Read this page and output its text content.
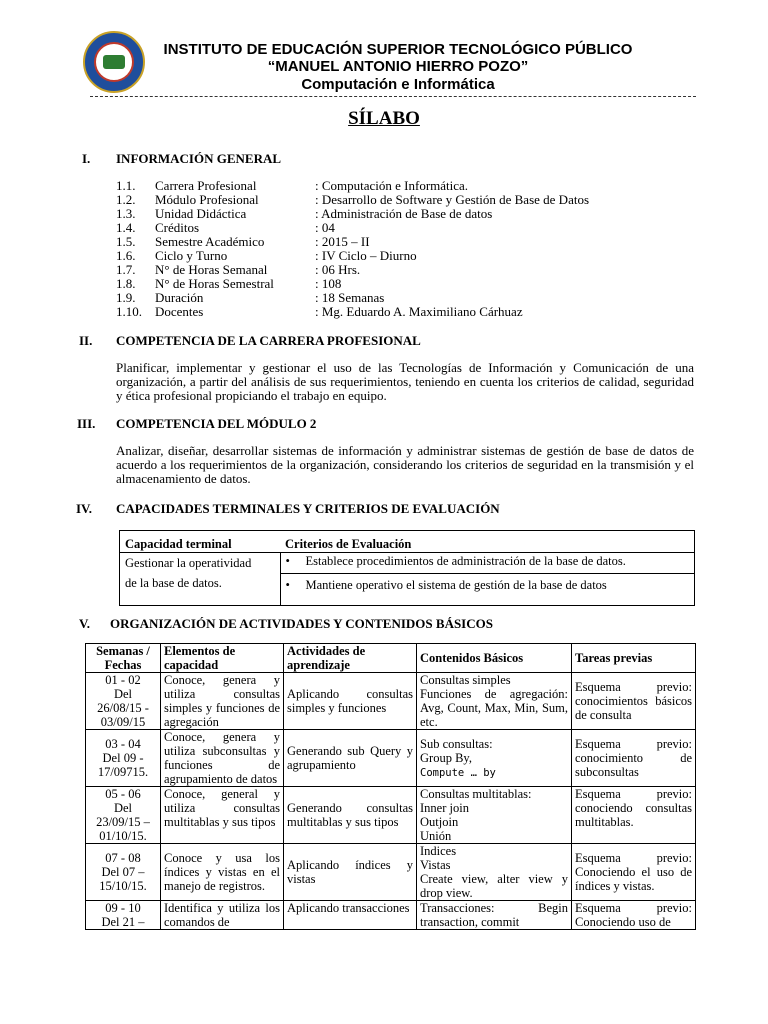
INSTITUTO DE EDUCACIÓN SUPERIOR TECNOLÓGICO PÚBLICO
“MANUEL ANTONIO HIERRO POZO”
Computación e Informática
SÍLABO
I. INFORMACIÓN GENERAL
1.1. Carrera Profesional	: Computación e Informática.
1.2. Módulo Profesional	: Desarrollo de Software y Gestión de Base de Datos
1.3. Unidad Didáctica	: Administración de Base de datos
1.4. Créditos	: 04
1.5. Semestre Académico	: 2015 – II
1.6. Ciclo y Turno	: IV Ciclo – Diurno
1.7. N° de Horas Semanal	: 06 Hrs.
1.8. N° de Horas Semestral	: 108
1.9. Duración	: 18 Semanas
1.10. Docentes	: Mg. Eduardo A. Maximiliano Cárhuaz
II. COMPETENCIA DE LA CARRERA PROFESIONAL
Planificar, implementar y gestionar el uso de las Tecnologías de Información y Comunicación de una organización, a partir del análisis de sus requerimientos, teniendo en cuenta los criterios de calidad, seguridad y ética profesional propiciando el trabajo en equipo.
III. COMPETENCIA DEL MÓDULO 2
Analizar, diseñar, desarrollar sistemas de información y administrar sistemas de gestión de base de datos de acuerdo a los requerimientos de la organización, considerando los criterios de seguridad en la transmisión y el almacenamiento de datos.
IV. CAPACIDADES TERMINALES Y CRITERIOS DE EVALUACIÓN
Capacidad terminal	Criterios de Evaluación
Gestionar la operatividad
de la base de datos.	• Establece procedimientos de administración de la base de datos.
	• Mantiene operativo el sistema de gestión de la base de datos
V. ORGANIZACIÓN DE ACTIVIDADES Y CONTENIDOS BÁSICOS
Semanas /
Fechas	Elementos de capacidad	Actividades de aprendizaje	Contenidos Básicos	Tareas previas
01 - 02
Del
26/08/15 -
03/09/15	Conoce, genera y utiliza consultas simples y funciones de agregación	Aplicando consultas simples y funciones	Consultas simples
Funciones de agregación: Avg, Count, Max, Min, Sum, etc.	Esquema previo: conocimientos básicos de consulta
03 - 04
Del 09 -
17/09715.	Conoce, genera y utiliza subconsultas y funciones de agrupamiento de datos	Generando sub Query y agrupamiento	Sub consultas:
Group By,
Compute … by	Esquema previo: conocimiento de subconsultas
05 - 06
Del
23/09/15 –
01/10/15.	Conoce, general y utiliza consultas multitablas y sus tipos	Generando consultas multitablas y sus tipos	Consultas multitablas:
Inner join
Outjoin
Unión	Esquema previo: conociendo consultas multitablas.
07 - 08
Del 07 –
15/10/15.	Conoce y usa los índices y vistas en el manejo de registros.	Aplicando índices y vistas	Indices
Vistas
Create view, alter view y drop view.	Esquema previo: Conociendo el uso de índices y vistas.
09 - 10
Del 21 –	Identifica y utiliza los comandos de	Aplicando transacciones	Transacciones: Begin transaction, commit	Esquema previo: Conociendo uso de
